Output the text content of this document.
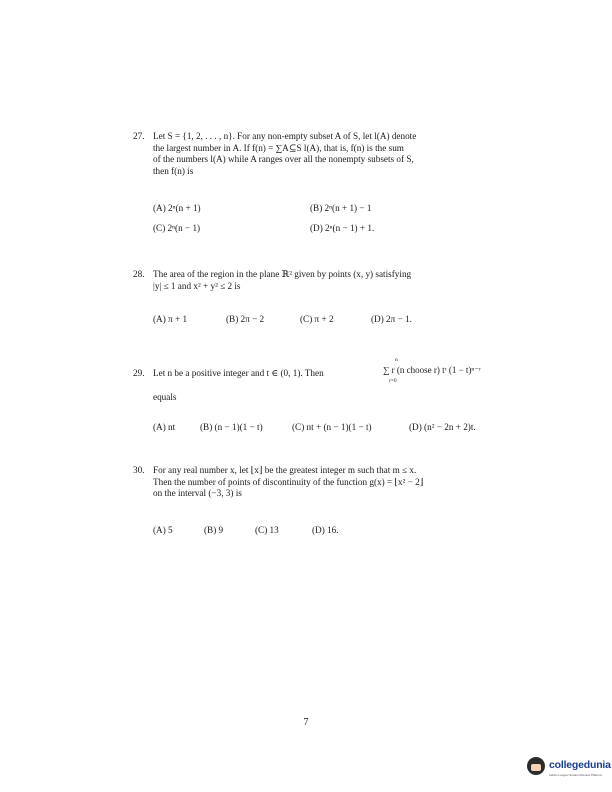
27. Let S = {1, 2, . . . , n}. For any non-empty subset A of S, let l(A) denote
the largest number in A. If f(n) = ∑A⊆S l(A), that is, f(n) is the sum
of the numbers l(A) while A ranges over all the nonempty subsets of S,
then f(n) is
(A) 2ⁿ(n + 1)	(B) 2ⁿ(n + 1) − 1
(C) 2ⁿ(n − 1)	(D) 2ⁿ(n − 1) + 1.
28. The area of the region in the plane ℝ² given by points (x, y) satisfying
|y| ≤ 1 and x² + y² ≤ 2 is
(A) π + 1	(B) 2π − 2	(C) π + 2	(D) 2π − 1.
29. Let n be a positive integer and t ∈ (0, 1). Then
n
r=0
∑ r (n choose r) tʳ (1 − t)ⁿ⁻ʳ
equals
(A) nt	(B) (n − 1)(1 − t)	(C) nt + (n − 1)(1 − t)	(D) (n² − 2n + 2)t.
30. For any real number x, let ⌊x⌋ be the greatest integer m such that m ≤ x.
Then the number of points of discontinuity of the function g(x) = ⌊x² − 2⌋
on the interval (−3, 3) is
(A) 5	(B) 9	(C) 13	(D) 16.
7
collegedunia
India's Largest Student Review Platform
